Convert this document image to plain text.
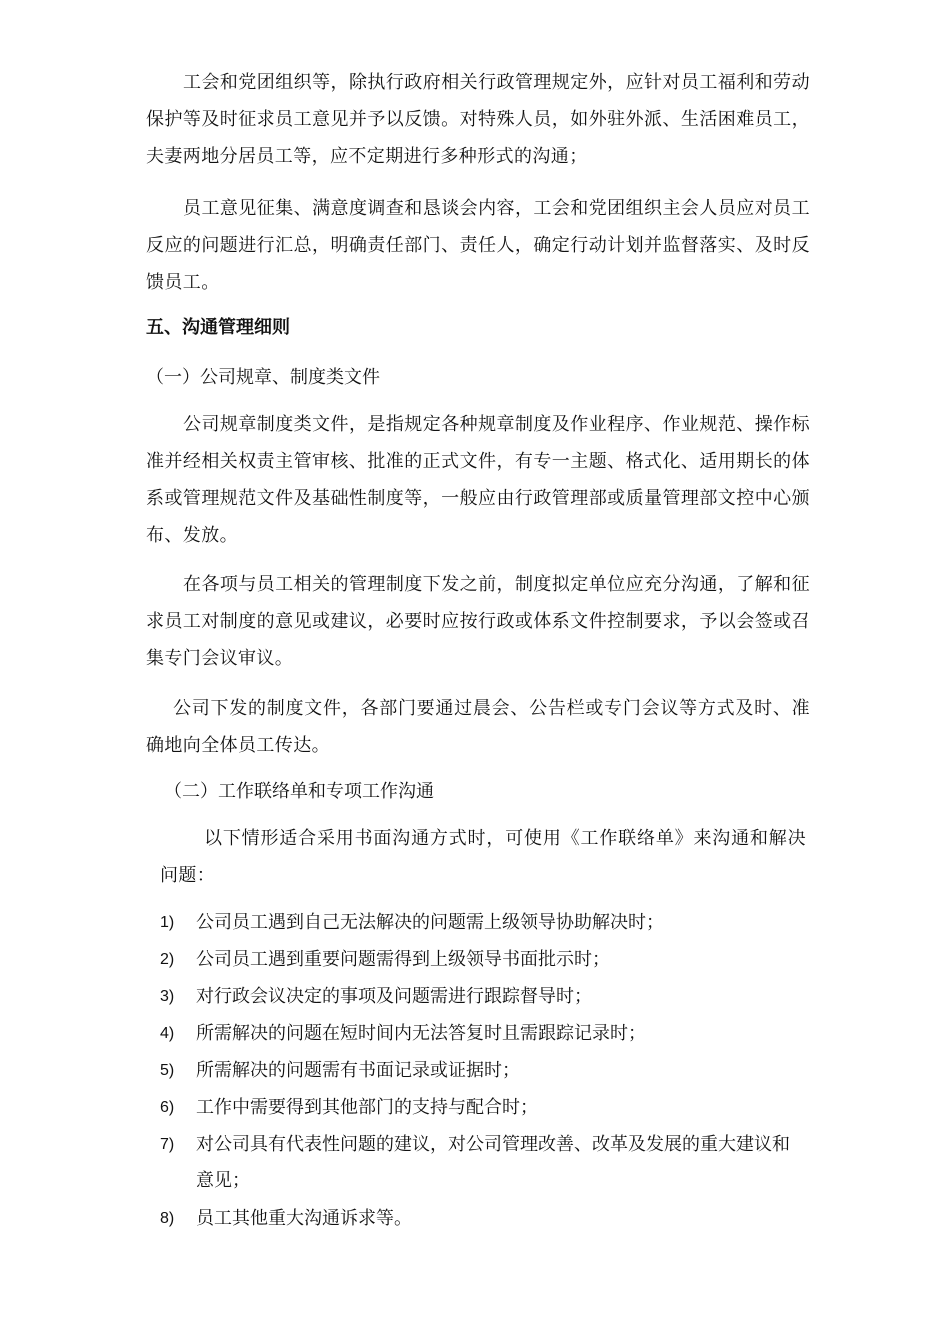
工会和党团组织等，除执行政府相关行政管理规定外，应针对员工福利和劳动保护等及时征求员工意见并予以反馈。对特殊人员，如外驻外派、生活困难员工，夫妻两地分居员工等，应不定期进行多种形式的沟通；

员工意见征集、满意度调查和恳谈会内容，工会和党团组织主会人员应对员工反应的问题进行汇总，明确责任部门、责任人，确定行动计划并监督落实、及时反馈员工。

五、沟通管理细则

（一）公司规章、制度类文件

公司规章制度类文件，是指规定各种规章制度及作业程序、作业规范、操作标准并经相关权责主管审核、批准的正式文件，有专一主题、格式化、适用期长的体系或管理规范文件及基础性制度等，一般应由行政管理部或质量管理部文控中心颁布、发放。

在各项与员工相关的管理制度下发之前，制度拟定单位应充分沟通，了解和征求员工对制度的意见或建议，必要时应按行政或体系文件控制要求，予以会签或召集专门会议审议。

公司下发的制度文件，各部门要通过晨会、公告栏或专门会议等方式及时、准确地向全体员工传达。

（二）工作联络单和专项工作沟通

以下情形适合采用书面沟通方式时，可使用《工作联络单》来沟通和解决问题：

1) 公司员工遇到自己无法解决的问题需上级领导协助解决时；
2) 公司员工遇到重要问题需得到上级领导书面批示时；
3) 对行政会议决定的事项及问题需进行跟踪督导时；
4) 所需解决的问题在短时间内无法答复时且需跟踪记录时；
5) 所需解决的问题需有书面记录或证据时；
6) 工作中需要得到其他部门的支持与配合时；
7) 对公司具有代表性问题的建议，对公司管理改善、改革及发展的重大建议和意见；
8) 员工其他重大沟通诉求等。
